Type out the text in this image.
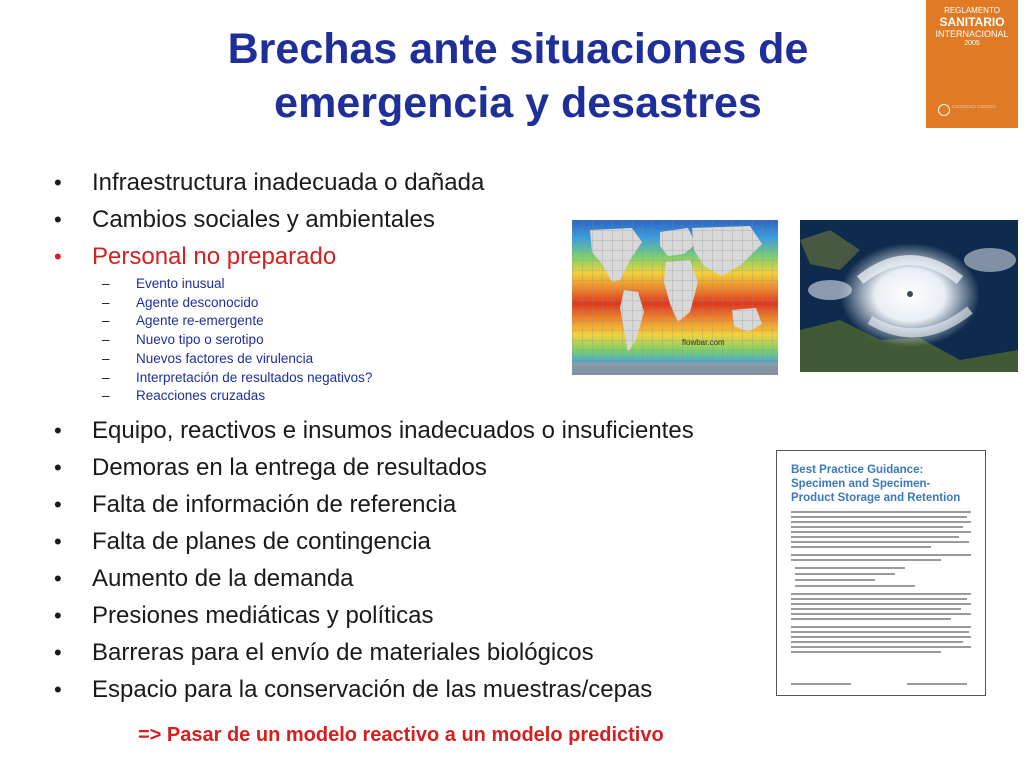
Brechas ante situaciones de emergencia y desastres
REGLAMENTO
SANITARIO
INTERNACIONAL
2005
▭▭▭▭▭ ▭▭▭▭
• Infraestructura inadecuada o dañada
• Cambios sociales y ambientales
• Personal no preparado
– Evento inusual
– Agente desconocido
– Agente re-emergente
– Nuevo tipo o serotipo
– Nuevos factores de virulencia
– Interpretación de resultados negativos?
– Reacciones cruzadas
• Equipo, reactivos e insumos inadecuados o insuficientes
• Demoras en la entrega de resultados
• Falta de información de referencia
• Falta de planes de contingencia
• Aumento de la demanda
• Presiones mediáticas y políticas
• Barreras para el envío de materiales biológicos
• Espacio para la conservación de las muestras/cepas
flowbar.com
Best Practice Guidance: Specimen and Specimen-Product Storage and Retention

=> Pasar de un modelo reactivo a un modelo predictivo
